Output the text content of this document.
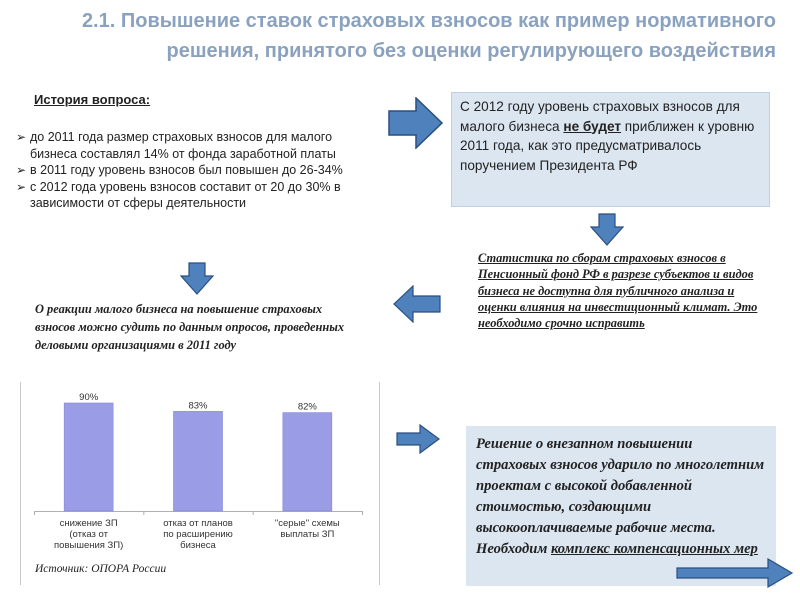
2.1. Повышение ставок страховых взносов как пример нормативного решения, принятого без оценки регулирующего воздействия
История вопроса:
➢ до 2011 года размер страховых взносов для малого бизнеса составлял 14% от фонда заработной платы
➢ в 2011 году уровень взносов был повышен до 26-34%
➢ с 2012 года уровень взносов составит от 20 до 30% в зависимости от сферы деятельности
С 2012 году уровень страховых взносов для малого бизнеса не будет приближен к уровню 2011 года, как это предусматривалось поручением Президента РФ
Статистика по сборам страховых взносов в Пенсионный фонд РФ в разрезе субъектов и видов бизнеса не доступна для публичного анализа и оценки влияния на инвестиционный климат. Это необходимо срочно исправить
О реакции малого бизнеса на повышение страховых взносов можно судить по данным опросов, проведенных деловыми организациями в 2011 году
90%
снижение ЗП (отказ от повышения ЗП)
83%
отказ от планов по расширению бизнеса
82%
"серые" схемы выплаты ЗП
Источник: ОПОРА России
Решение о внезапном повышении страховых взносов ударило по многолетним проектам с высокой добавленной стоимостью, создающими высокооплачиваемые рабочие места. Необходим комплекс компенсационных мер
